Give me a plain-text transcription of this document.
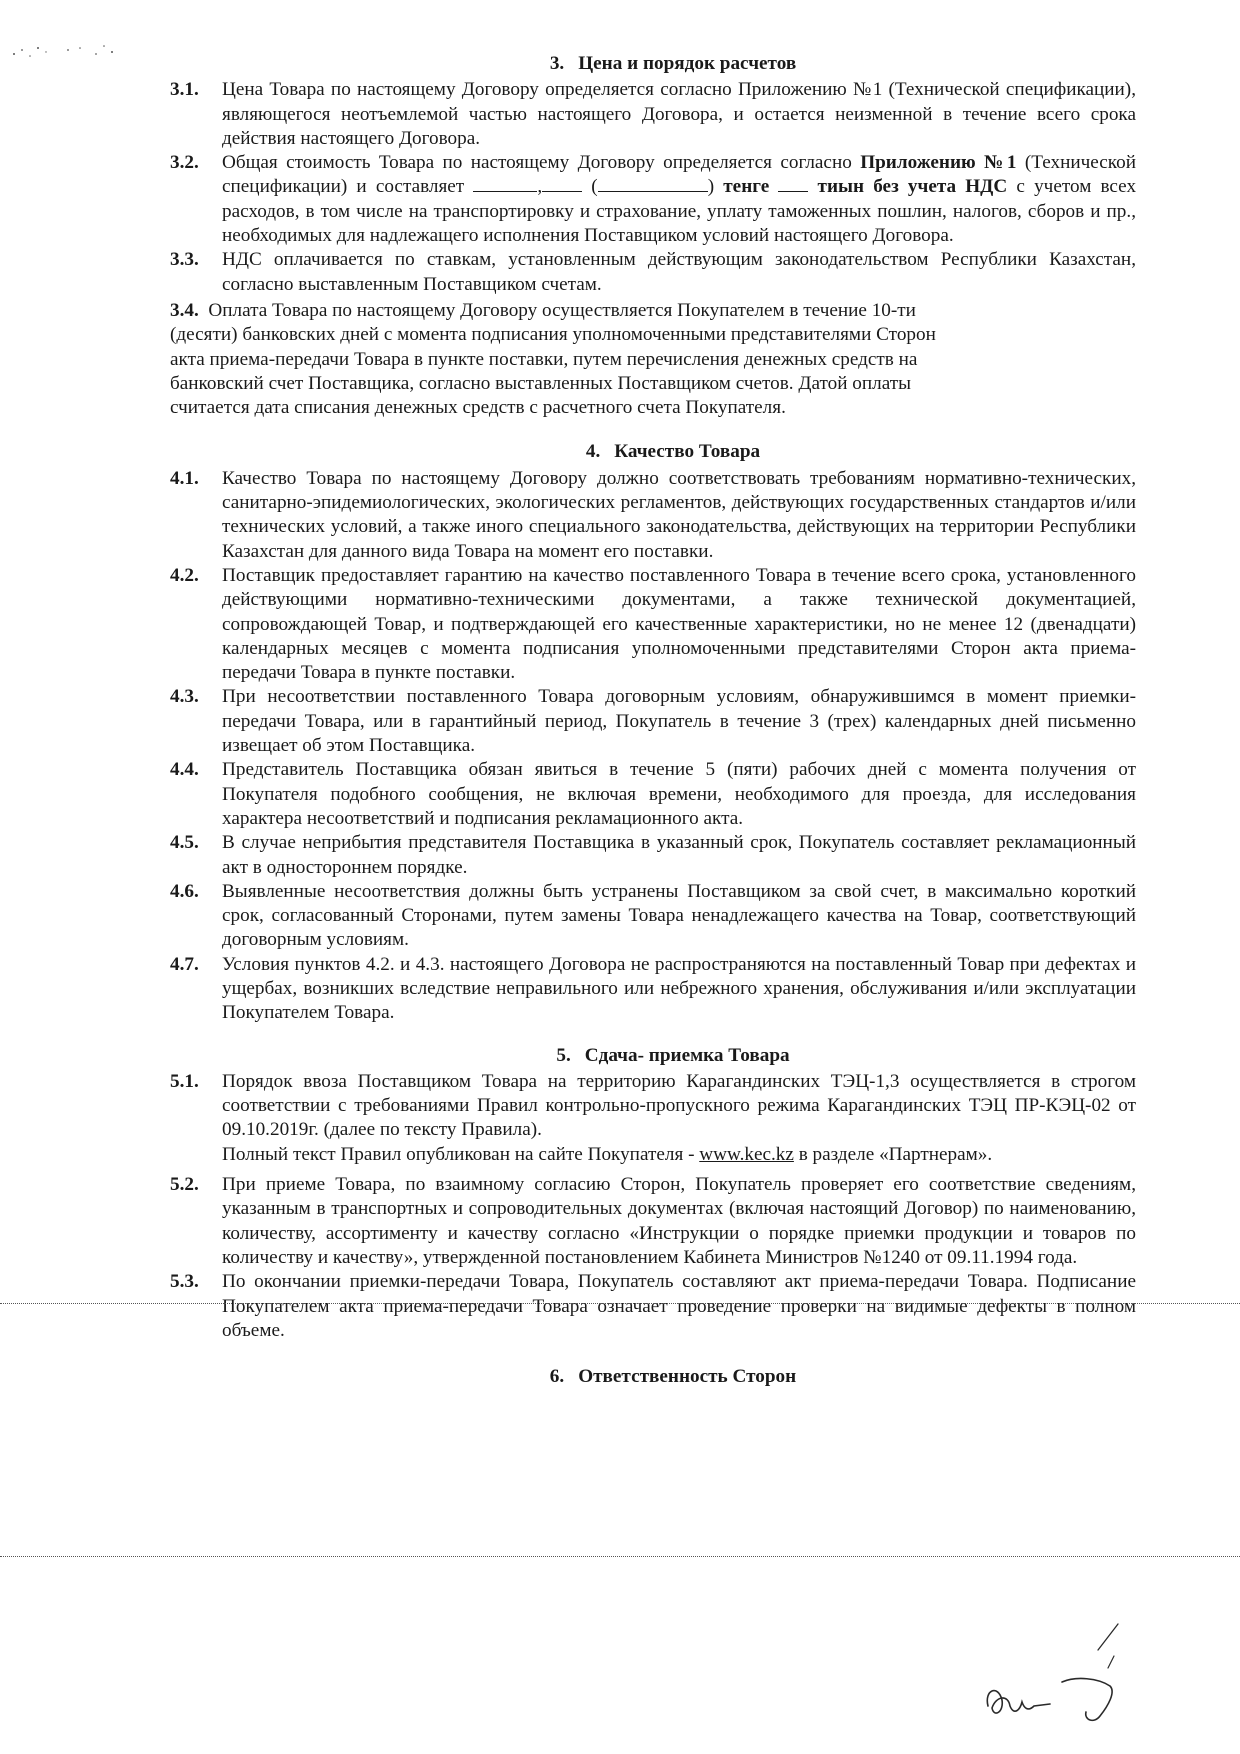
3. Цена и порядок расчетов
3.1. Цена Товара по настоящему Договору определяется согласно Приложению №1 (Технической спецификации), являющегося неотъемлемой частью настоящего Договора, и остается неизменной в течение всего срока действия настоящего Договора.
3.2. Общая стоимость Товара по настоящему Договору определяется согласно Приложению №1 (Технической спецификации) и составляет	, (	) тенге	тиын без учета НДС с учетом всех расходов, в том числе на транспортировку и страхование, уплату таможенных пошлин, налогов, сборов и пр., необходимых для надлежащего исполнения Поставщиком условий настоящего Договора.
3.3. НДС оплачивается по ставкам, установленным действующим законодательством Республики Казахстан, согласно выставленным Поставщиком счетам.
3.4. Оплата Товара по настоящему Договору осуществляется Покупателем в течение 10-ти
(десяти) банковских дней с момента подписания уполномоченными представителями Сторон
акта приема-передачи Товара в пункте поставки, путем перечисления денежных средств на
банковский счет Поставщика, согласно выставленных Поставщиком счетов. Датой оплаты
считается дата списания денежных средств с расчетного счета Покупателя.
4. Качество Товара
4.1. Качество Товара по настоящему Договору должно соответствовать требованиям нормативно-технических, санитарно-эпидемиологических, экологических регламентов, действующих государственных стандартов и/или технических условий, а также иного специального законодательства, действующих на территории Республики Казахстан для данного вида Товара на момент его поставки.
4.2. Поставщик предоставляет гарантию на качество поставленного Товара в течение всего срока, установленного действующими нормативно-техническими документами, а также технической документацией, сопровождающей Товар, и подтверждающей его качественные характеристики, но не менее 12 (двенадцати) календарных месяцев с момента подписания уполномоченными представителями Сторон акта приема-передачи Товара в пункте поставки.
4.3. При несоответствии поставленного Товара договорным условиям, обнаружившимся в момент приемки-передачи Товара, или в гарантийный период, Покупатель в течение 3 (трех) календарных дней письменно извещает об этом Поставщика.
4.4. Представитель Поставщика обязан явиться в течение 5 (пяти) рабочих дней с момента получения от Покупателя подобного сообщения, не включая времени, необходимого для проезда, для исследования характера несоответствий и подписания рекламационного акта.
4.5. В случае неприбытия представителя Поставщика в указанный срок, Покупатель составляет рекламационный акт в одностороннем порядке.
4.6. Выявленные несоответствия должны быть устранены Поставщиком за свой счет, в максимально короткий срок, согласованный Сторонами, путем замены Товара ненадлежащего качества на Товар, соответствующий договорным условиям.
4.7. Условия пунктов 4.2. и 4.3. настоящего Договора не распространяются на поставленный Товар при дефектах и ущербах, возникших вследствие неправильного или небрежного хранения, обслуживания и/или эксплуатации Покупателем Товара.
5. Сдача- приемка Товара
5.1. Порядок ввоза Поставщиком Товара на территорию Карагандинских ТЭЦ-1,3 осуществляется в строгом соответствии с требованиями Правил контрольно-пропускного режима Карагандинских ТЭЦ ПР-КЭЦ-02 от 09.10.2019г. (далее по тексту Правила).

Полный текст Правил опубликован на сайте Покупателя - www.kec.kz в разделе «Партнерам».

5.2. При приеме Товара, по взаимному согласию Сторон, Покупатель проверяет его соответствие сведениям, указанным в транспортных и сопроводительных документах (включая настоящий Договор) по наименованию, количеству, ассортименту и качеству согласно «Инструкции о порядке приемки продукции и товаров по количеству и качеству», утвержденной постановлением Кабинета Министров №1240 от 09.11.1994 года.
5.3. По окончании приемки-передачи Товара, Покупатель составляют акт приема-передачи Товара. Подписание Покупателем акта приема-передачи Товара означает проведение проверки на видимые дефекты в полном объеме.
6. Ответственность Сторон
